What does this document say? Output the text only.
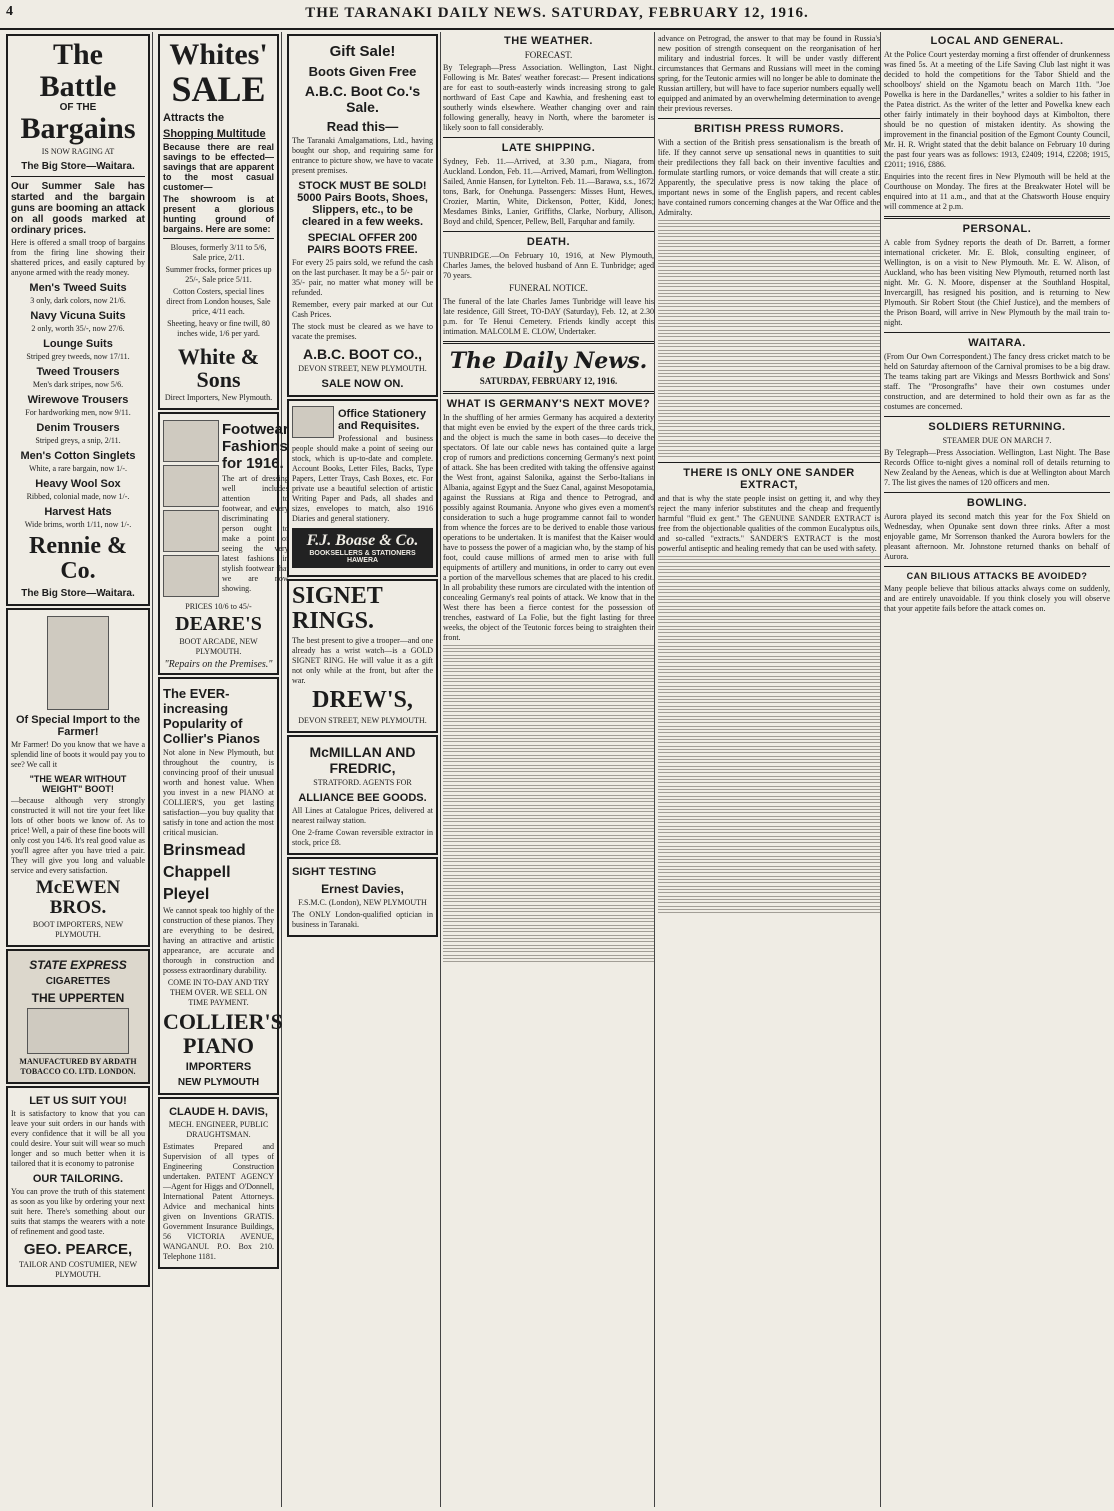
4	THE TARANAKI DAILY NEWS. SATURDAY, FEBRUARY 12, 1916.
The Battle
OF THE
Bargains
IS NOW RAGING AT
The Big Store—Waitara.
Our Summer Sale has started and the bargain guns are booming an attack on all goods marked at ordinary prices.
Here is offered a small troop of bargains from the firing line showing their shattered prices, and easily captured by anyone armed with the ready money.
Men's Tweed Suits
3 only, dark colors, now 21/6.
Navy Vicuna Suits
2 only, worth 35/-, now 27/6.
Lounge Suits
Striped grey tweeds, now 17/11.
Tweed Trousers
Men's dark stripes, now 5/6.
Wirewove Trousers
For hardworking men, now 9/11.
Denim Trousers
Striped greys, a snip, 2/11.
Men's Cotton Singlets
White, a rare bargain, now 1/-.
Heavy Wool Sox
Ribbed, colonial made, now 1/-.
Harvest Hats
Wide brims, worth 1/11, now 1/-.
Rennie & Co.
The Big Store—Waitara.
Of Special Import to the Farmer!
Mr Farmer! Do you know that we have a splendid line of boots it would pay you to see? We call it
"THE WEAR WITHOUT WEIGHT" BOOT!
—because although very strongly constructed it will not tire your feet like lots of other boots we know of. As to price! Well, a pair of these fine boots will only cost you 14/6. It's real good value as you'll agree after you have tried a pair. They will give you long and valuable service and every satisfaction.
McEWEN BROS.
BOOT IMPORTERS, NEW PLYMOUTH.
STATE EXPRESS
CIGARETTES
THE UPPERTEN
MANUFACTURED BY ARDATH TOBACCO CO. LTD. LONDON.
LET US SUIT YOU!
It is satisfactory to know that you can leave your suit orders in our hands with every confidence that it will be all you could desire. Your suit will wear so much longer and so much better when it is tailored that it is economy to patronise
OUR TAILORING.
You can prove the truth of this statement as soon as you like by ordering your next suit here. There's something about our suits that stamps the wearers with a note of refinement and good taste.
GEO. PEARCE,
TAILOR AND COSTUMIER, NEW PLYMOUTH.
Whites'
SALE
Attracts the
Shopping Multitude
Because there are real savings to be effected—savings that are apparent to the most casual customer—
The showroom is at present a glorious hunting ground of bargains. Here are some:
Blouses, formerly 3/11 to 5/6, Sale price, 2/11.
Summer frocks, former prices up 25/-, Sale price 5/11.
Cotton Costers, special lines direct from London houses, Sale price, 4/11 each.
Sheeting, heavy or fine twill, 80 inches wide, 1/6 per yard.
White & Sons
Direct Importers, New Plymouth.
Footwear Fashions for 1916.
The art of dressing well includes attention to footwear, and every discriminating person ought to make a point of seeing the very latest fashions in stylish footwear that we are now showing.
PRICES 10/6 to 45/-
DEARE'S
BOOT ARCADE, NEW PLYMOUTH.
"Repairs on the Premises."
The EVER-increasing Popularity of Collier's Pianos
Not alone in New Plymouth, but throughout the country, is convincing proof of their unusual worth and honest value. When you invest in a new PIANO at COLLIER'S, you get lasting satisfaction—you buy quality that satisfy in tone and action the most critical musician.
Brinsmead
Chappell
Pleyel
We cannot speak too highly of the construction of these pianos. They are everything to be desired, having an attractive and artistic appearance, are accurate and thorough in construction and possess extraordinary durability.
COME IN TO-DAY AND TRY THEM OVER. WE SELL ON TIME PAYMENT.
COLLIER'S
PIANO
IMPORTERS
NEW PLYMOUTH
CLAUDE H. DAVIS,
MECH. ENGINEER, PUBLIC DRAUGHTSMAN.
Estimates Prepared and Supervision of all types of Engineering Construction undertaken. PATENT AGENCY—Agent for Higgs and O'Donnell, International Patent Attorneys. Advice and mechanical hints given on Inventions GRATIS. Government Insurance Buildings, 56 VICTORIA AVENUE, WANGANUI. P.O. Box 210. Telephone 1181.
Gift Sale!
Boots Given Free
A.B.C. Boot Co.'s Sale.
Read this—
The Taranaki Amalgamations, Ltd., having bought our shop, and requiring same for entrance to picture show, we have to vacate present premises.
STOCK MUST BE SOLD! 5000 Pairs Boots, Shoes, Slippers, etc., to be cleared in a few weeks.
SPECIAL OFFER 200 PAIRS BOOTS FREE.
For every 25 pairs sold, we refund the cash on the last purchaser. It may be a 5/- pair or 35/- pair, no matter what money will be refunded.
Remember, every pair marked at our Cut Cash Prices.
The stock must be cleared as we have to vacate the premises.
A.B.C. BOOT CO.,
DEVON STREET, NEW PLYMOUTH.
SALE NOW ON.
Office Stationery and Requisites.
Professional and business people should make a point of seeing our stock, which is up-to-date and complete. Account Books, Letter Files, Backs, Type Papers, Letter Trays, Cash Boxes, etc. For private use a beautiful selection of artistic Writing Paper and Pads, all shades and sizes, envelopes to match, also 1916 Diaries and general stationery.
F.J. Boase & Co.
BOOKSELLERS & STATIONERS HAWERA
SIGNET RINGS.
The best present to give a trooper—and one already has a wrist watch—is a GOLD SIGNET RING. He will value it as a gift not only while at the front, but after the war.
DREW'S,
DEVON STREET, NEW PLYMOUTH.
McMILLAN AND FREDRIC,
STRATFORD. AGENTS FOR
ALLIANCE BEE GOODS.
All Lines at Catalogue Prices, delivered at nearest railway station.
One 2-frame Cowan reversible extractor in stock, price £8.
SIGHT TESTING
Ernest Davies,
F.S.M.C. (London), NEW PLYMOUTH
The ONLY London-qualified optician in business in Taranaki.
THE WEATHER.
FORECAST.
By Telegraph—Press Association. Wellington, Last Night. Following is Mr. Bates' weather forecast:— Present indications are for east to south-easterly winds increasing strong to gale northward of East Cape and Kawhia, and freshening east to southerly winds elsewhere. Weather changing over and rain following generally, heavy in North, where the barometer is likely soon to fall considerably.
LATE SHIPPING.
Sydney, Feb. 11.—Arrived, at 3.30 p.m., Niagara, from Auckland. London, Feb. 11.—Arrived, Mamari, from Wellington. Sailed, Annie Hansen, for Lyttelton. Feb. 11.—Barawa, s.s., 1672 tons, Bark, for Onehunga. Passengers: Misses Hunt, Hewes, Crozier, Martin, White, Dickenson, Potter, Kidd, Jones; Mesdames Binks, Lanier, Griffiths, Clarke, Norbury, Allison, Boyd and child, Spencer, Pellew, Bell, Farquhar and family.
DEATH.
TUNBRIDGE.—On February 10, 1916, at New Plymouth, Charles James, the beloved husband of Ann E. Tunbridge; aged 70 years.
FUNERAL NOTICE.
The funeral of the late Charles James Tunbridge will leave his late residence, Gill Street, TO-DAY (Saturday), Feb. 12, at 2.30 p.m. for Te Henui Cemetery. Friends kindly accept this intimation. MALCOLM E. CLOW, Undertaker.
The Daily News.
SATURDAY, FEBRUARY 12, 1916.
WHAT IS GERMANY'S NEXT MOVE?
In the shuffling of her armies Germany has acquired a dexterity that might even be envied by the expert of the three cards trick, and the object is much the same in both cases—to deceive the spectators. Of late our cable news has contained quite a large crop of rumors and predictions concerning Germany's next point of attack. She has been credited with taking the offensive against the West front, against Salonika, against the Serbo-Italians in Albania, against Egypt and the Suez Canal, against Mesopotamia, against the Russians at Riga and thence to Petrograd, and possibly against Roumania. Anyone who gives even a moment's consideration to such a huge programme cannot fail to wonder from whence the forces are to be derived to enable those various operations to be undertaken. It is manifest that the Kaiser would have to possess the power of a magician who, by the stamp of his foot, could cause millions of armed men to arise with full equipments of artillery and munitions, in order to carry out even a portion of the marvellous schemes that are placed to his credit. In all probability these rumors are circulated with the intention of concealing Germany's real points of attack. We know that in the West there has been a fierce contest for the possession of trenches, eastward of La Folie, but the fight lasting for three weeks, the object of the Teutonic forces being to straighten their front.
advance on Petrograd, the answer to that may be found in Russia's new position of strength consequent on the reorganisation of her military and industrial forces. It will be under vastly different circumstances that Germans and Russians will meet in the coming spring, for the Teutonic armies will no longer be able to dominate the Russian artillery, but will have to face superior numbers equally well equipped and animated by an overwhelming determination to avenge their previous reverses.
BRITISH PRESS RUMORS.
With a section of the British press sensationalism is the breath of life. If they cannot serve up sensational news in quantities to suit their predilections they fall back on their inventive faculties and formulate startling rumors, or voice demands that will create a stir. Apparently, the speculative press is now taking the place of important news in some of the English papers, and recent cables have contained rumors concerning changes at the War Office and the Admiralty.
THERE IS ONLY ONE SANDER EXTRACT,
and that is why the state people insist on getting it, and why they reject the many inferior substitutes and the cheap and frequently harmful "fluid ex gent." The GENUINE SANDER EXTRACT is free from the objectionable qualities of the common Eucalyptus oils, and so-called "extracts." SANDER'S EXTRACT is the most powerful antiseptic and healing remedy that can be used with safety.
LOCAL AND GENERAL.
At the Police Court yesterday morning a first offender of drunkenness was fined 5s. At a meeting of the Life Saving Club last night it was decided to hold the competitions for the Tabor Shield and the schoolboys' shield on the Ngamotu beach on March 11th. "Joe Powelka is here in the Dardanelles," writes a soldier to his father in the Patea district. As the writer of the letter and Powelka knew each other fairly intimately in their boyhood days at Kimbolton, there should be no question of mistaken identity. As showing the improvement in the financial position of the Egmont County Council, Mr. H. R. Wright stated that the debit balance on February 10 during the past four years was as follows: 1913, £2409; 1914, £2208; 1915, £2011; 1916, £886.
Enquiries into the recent fires in New Plymouth will be held at the Courthouse on Monday. The fires at the Breakwater Hotel will be enquired into at 11 a.m., and that at the Chatsworth House enquiry will commence at 2 p.m.
PERSONAL.
A cable from Sydney reports the death of Dr. Barrett, a former international cricketer. Mr. E. Blok, consulting engineer, of Wellington, is on a visit to New Plymouth. Mr. E. W. Alison, of Auckland, who has been visiting New Plymouth, returned north last night. Mr. G. N. Moore, dispenser at the Southland Hospital, Invercargill, has resigned his position, and is returning to New Plymouth. Sir Robert Stout (the Chief Justice), and the members of the Prison Board, will arrive in New Plymouth by the mail train to-night.
WAITARA.
(From Our Own Correspondent.) The fancy dress cricket match to be held on Saturday afternoon of the Carnival promises to be a big draw. The teams taking part are Vikings and Messrs Borthwick and Sons' staff. The "Prosongrafhs" have their own costumes under construction, and are determined to hold their own as far as the costumes are concerned.
SOLDIERS RETURNING.
STEAMER DUE ON MARCH 7.
By Telegraph—Press Association. Wellington, Last Night. The Base Records Office to-night gives a nominal roll of details returning to New Zealand by the Aeneas, which is due at Wellington about March 7. The list gives the names of 120 officers and men.
BOWLING.
Aurora played its second match this year for the Fox Shield on Wednesday, when Opunake sent down three rinks. After a most enjoyable game, Mr Sorrenson thanked the Aurora bowlers for the pleasant afternoon. Mr. Johnstone returned thanks on behalf of Aurora.
CAN BILIOUS ATTACKS BE AVOIDED?
Many people believe that bilious attacks always come on suddenly, and are entirely unavoidable. If you think closely you will observe that your appetite fails before the attack comes on.
